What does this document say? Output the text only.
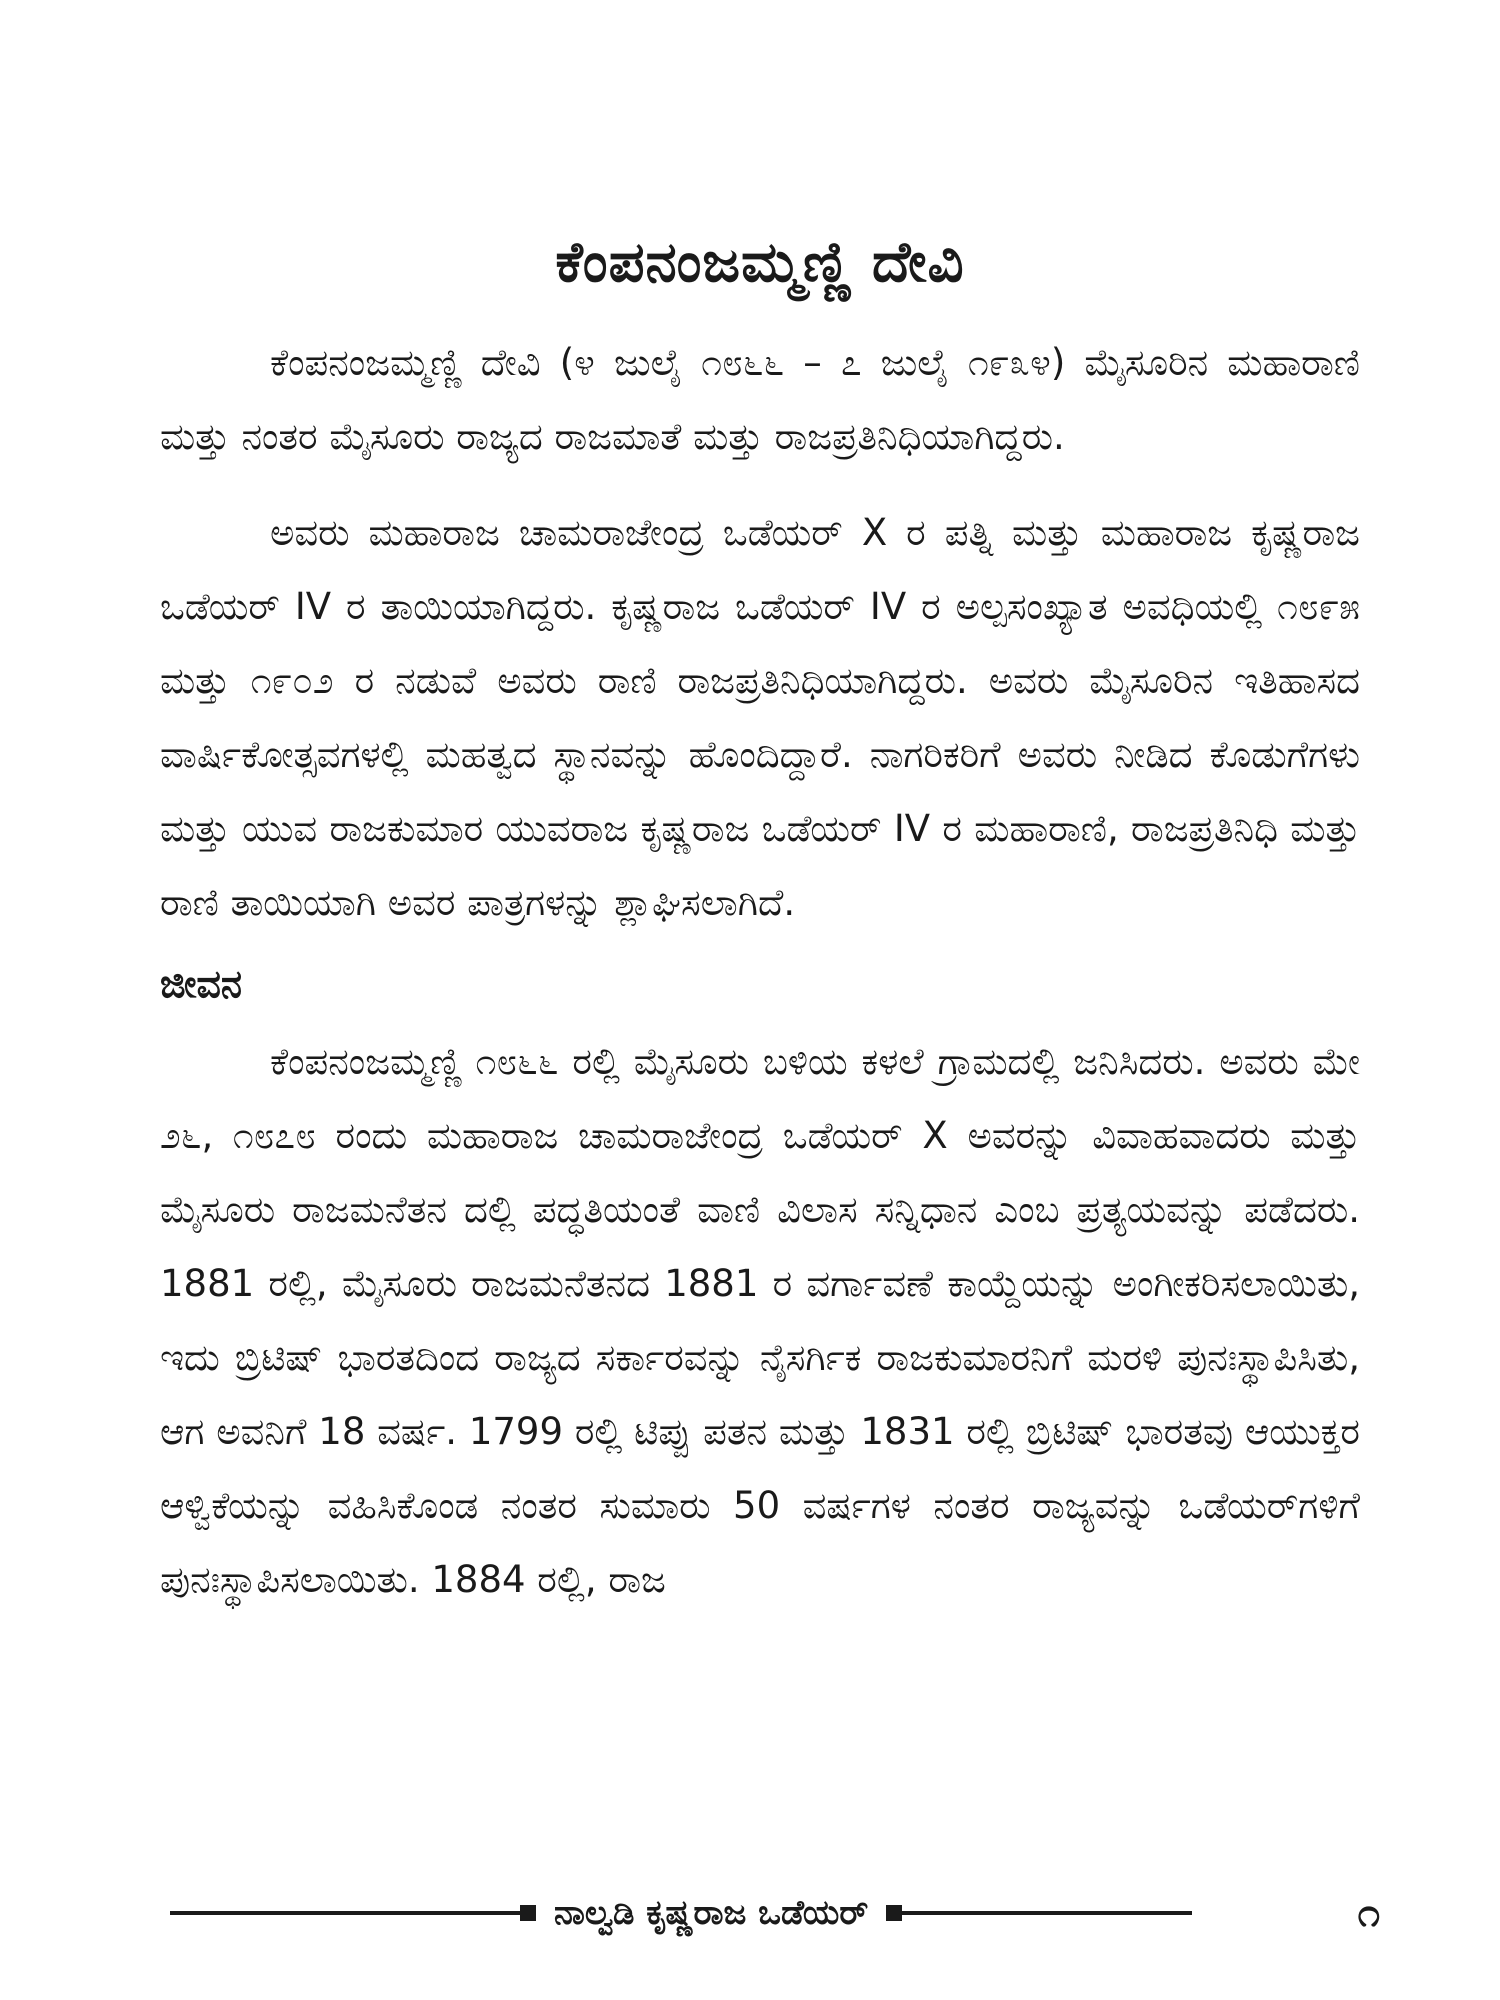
ಕೆಂಪನಂಜಮ್ಮಣ್ಣಿ ದೇವಿ

ಕೆಂಪನಂಜಮ್ಮಣ್ಣಿ ದೇವಿ (೪ ಜುಲೈ ೧೮೬೬ – ೭ ಜುಲೈ ೧೯೩೪) ಮೈಸೂರಿನ ಮಹಾರಾಣಿ ಮತ್ತು ನಂತರ ಮೈಸೂರು ರಾಜ್ಯದ ರಾಜಮಾತೆ ಮತ್ತು ರಾಜಪ್ರತಿನಿಧಿಯಾಗಿದ್ದರು.

ಅವರು ಮಹಾರಾಜ ಚಾಮರಾಜೇಂದ್ರ ಒಡೆಯರ್ X ರ ಪತ್ನಿ ಮತ್ತು ಮಹಾರಾಜ ಕೃಷ್ಣರಾಜ ಒಡೆಯರ್ IV ರ ತಾಯಿಯಾಗಿದ್ದರು. ಕೃಷ್ಣರಾಜ ಒಡೆಯರ್ IV ರ ಅಲ್ಪಸಂಖ್ಯಾತ ಅವಧಿಯಲ್ಲಿ ೧೮೯೫ ಮತ್ತು ೧೯೦೨ ರ ನಡುವೆ ಅವರು ರಾಣಿ ರಾಜಪ್ರತಿನಿಧಿಯಾಗಿದ್ದರು. ಅವರು ಮೈಸೂರಿನ ಇತಿಹಾಸದ ವಾರ್ಷಿಕೋತ್ಸವಗಳಲ್ಲಿ ಮಹತ್ವದ ಸ್ಥಾನವನ್ನು ಹೊಂದಿದ್ದಾರೆ. ನಾಗರಿಕರಿಗೆ ಅವರು ನೀಡಿದ ಕೊಡುಗೆಗಳು ಮತ್ತು ಯುವ ರಾಜಕುಮಾರ ಯುವರಾಜ ಕೃಷ್ಣರಾಜ ಒಡೆಯರ್ IV ರ ಮಹಾರಾಣಿ, ರಾಜಪ್ರತಿನಿಧಿ ಮತ್ತು ರಾಣಿ ತಾಯಿಯಾಗಿ ಅವರ ಪಾತ್ರಗಳನ್ನು ಶ್ಲಾಘಿಸಲಾಗಿದೆ.

ಜೀವನ

ಕೆಂಪನಂಜಮ್ಮಣ್ಣಿ ೧೮೬೬ ರಲ್ಲಿ ಮೈಸೂರು ಬಳಿಯ ಕಳಲೆ ಗ್ರಾಮದಲ್ಲಿ ಜನಿಸಿದರು. ಅವರು ಮೇ ೨೬, ೧೮೭೮ ರಂದು ಮಹಾರಾಜ ಚಾಮರಾಜೇಂದ್ರ ಒಡೆಯರ್ X ಅವರನ್ನು ವಿವಾಹವಾದರು ಮತ್ತು ಮೈಸೂರು ರಾಜಮನೆತನ ದಲ್ಲಿ ಪದ್ಧತಿಯಂತೆ ವಾಣಿ ವಿಲಾಸ ಸನ್ನಿಧಾನ ಎಂಬ ಪ್ರತ್ಯಯವನ್ನು ಪಡೆದರು. 1881 ರಲ್ಲಿ, ಮೈಸೂರು ರಾಜಮನೆತನದ 1881 ರ ವರ್ಗಾವಣೆ ಕಾಯ್ದೆಯನ್ನು ಅಂಗೀಕರಿಸಲಾಯಿತು, ಇದು ಬ್ರಿಟಿಷ್ ಭಾರತದಿಂದ ರಾಜ್ಯದ ಸರ್ಕಾರವನ್ನು ನೈಸರ್ಗಿಕ ರಾಜಕುಮಾರನಿಗೆ ಮರಳಿ ಪುನಃಸ್ಥಾಪಿಸಿತು, ಆಗ ಅವನಿಗೆ 18 ವರ್ಷ. 1799 ರಲ್ಲಿ ಟಿಪ್ಪು ಪತನ ಮತ್ತು 1831 ರಲ್ಲಿ ಬ್ರಿಟಿಷ್ ಭಾರತವು ಆಯುಕ್ತರ ಆಳ್ವಿಕೆಯನ್ನು ವಹಿಸಿಕೊಂಡ ನಂತರ ಸುಮಾರು 50 ವರ್ಷಗಳ ನಂತರ ರಾಜ್ಯವನ್ನು ಒಡೆಯರ್‌ಗಳಿಗೆ ಪುನಃಸ್ಥಾಪಿಸಲಾಯಿತು. 1884 ರಲ್ಲಿ, ರಾಜ

ನಾಲ್ವಡಿ ಕೃಷ್ಣರಾಜ ಒಡೆಯರ್	೧
